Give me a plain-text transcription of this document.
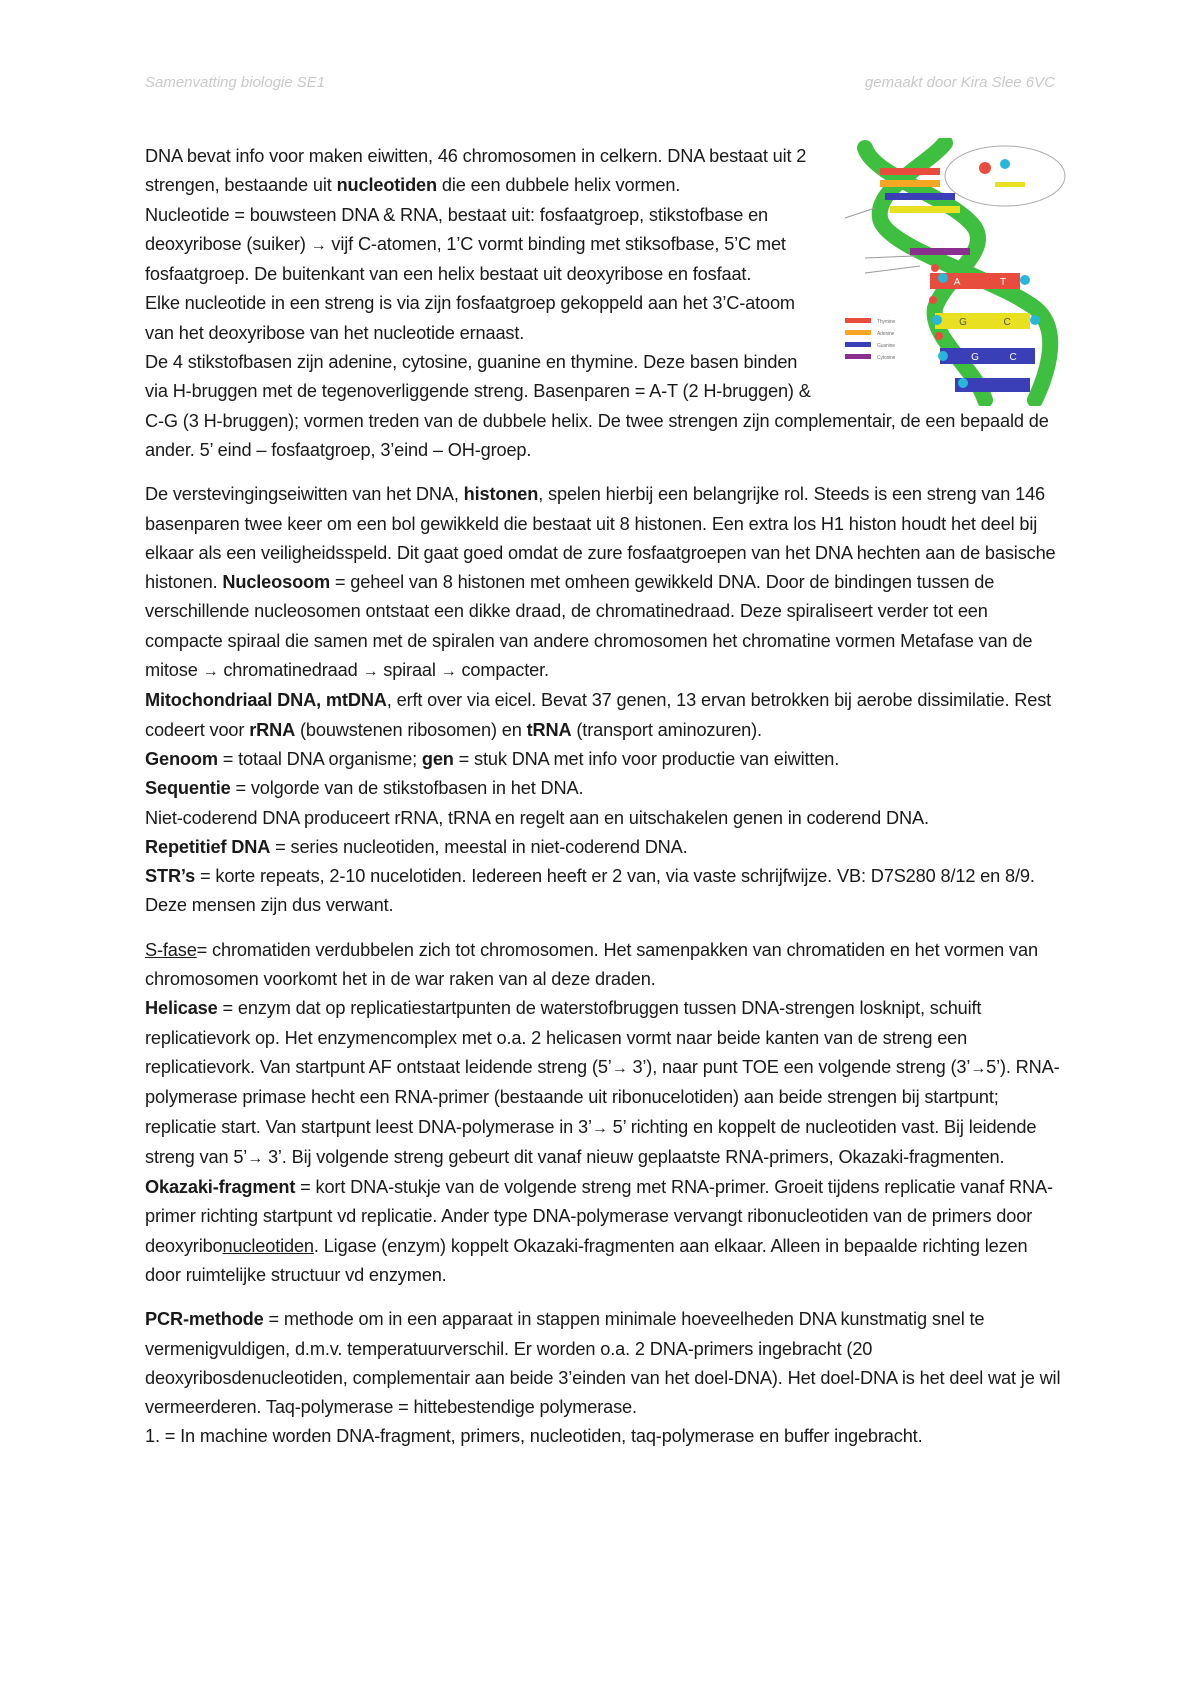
Samenvatting biologie SE1	gemaakt door Kira Slee 6VC
A	T
G	C
G	C
Thymine
Adenine
Guanine
Cytosine

DNA bevat info voor maken eiwitten, 46 chromosomen in celkern. DNA bestaat uit 2 strengen, bestaande uit nucleotiden die een dubbele helix vormen.
Nucleotide = bouwsteen DNA & RNA, bestaat uit: fosfaatgroep, stikstofbase en deoxyribose (suiker) → vijf C-atomen, 1’C vormt binding met stiksofbase, 5’C met fosfaatgroep. De buitenkant van een helix bestaat uit deoxyribose en fosfaat.
Elke nucleotide in een streng is via zijn fosfaatgroep gekoppeld aan het 3’C-atoom van het deoxyribose van het nucleotide ernaast.
De 4 stikstofbasen zijn adenine, cytosine, guanine en thymine. Deze basen binden via H-bruggen met de tegenoverliggende streng. Basenparen = A-T (2 H-bruggen) & C-G (3 H-bruggen); vormen treden van de dubbele helix. De twee strengen zijn complementair, de een bepaald de ander. 5’ eind – fosfaatgroep, 3’eind – OH-groep.

De verstevingingseiwitten van het DNA, histonen, spelen hierbij een belangrijke rol. Steeds is een streng van 146 basenparen twee keer om een bol gewikkeld die bestaat uit 8 histonen. Een extra los H1 histon houdt het deel bij elkaar als een veiligheidsspeld. Dit gaat goed omdat de zure fosfaatgroepen van het DNA hechten aan de basische histonen. Nucleosoom = geheel van 8 histonen met omheen gewikkeld DNA. Door de bindingen tussen de verschillende nucleosomen ontstaat een dikke draad, de chromatinedraad. Deze spiraliseert verder tot een compacte spiraal die samen met de spiralen van andere chromosomen het chromatine vormen Metafase van de mitose → chromatinedraad → spiraal → compacter.
Mitochondriaal DNA, mtDNA, erft over via eicel. Bevat 37 genen, 13 ervan betrokken bij aerobe dissimilatie. Rest codeert voor rRNA (bouwstenen ribosomen) en tRNA (transport aminozuren).
Genoom = totaal DNA organisme; gen = stuk DNA met info voor productie van eiwitten.
Sequentie = volgorde van de stikstofbasen in het DNA.
Niet-coderend DNA produceert rRNA, tRNA en regelt aan en uitschakelen genen in coderend DNA.
Repetitief DNA = series nucleotiden, meestal in niet-coderend DNA.
STR’s = korte repeats, 2-10 nucelotiden. Iedereen heeft er 2 van, via vaste schrijfwijze. VB: D7S280 8/12 en 8/9. Deze mensen zijn dus verwant.

S-fase= chromatiden verdubbelen zich tot chromosomen. Het samenpakken van chromatiden en het vormen van chromosomen voorkomt het in de war raken van al deze draden.
Helicase = enzym dat op replicatiestartpunten de waterstofbruggen tussen DNA-strengen losknipt, schuift replicatievork op. Het enzymencomplex met o.a. 2 helicasen vormt naar beide kanten van de streng een replicatievork. Van startpunt AF ontstaat leidende streng (5’→ 3’), naar punt TOE een volgende streng (3’→5’). RNA-polymerase primase hecht een RNA-primer (bestaande uit ribonucelotiden) aan beide strengen bij startpunt; replicatie start. Van startpunt leest DNA-polymerase in 3’→ 5’ richting en koppelt de nucleotiden vast. Bij leidende streng van 5’→ 3’. Bij volgende streng gebeurt dit vanaf nieuw geplaatste RNA-primers, Okazaki-fragmenten.
Okazaki-fragment = kort DNA-stukje van de volgende streng met RNA-primer. Groeit tijdens replicatie vanaf RNA-primer richting startpunt vd replicatie. Ander type DNA-polymerase vervangt ribonucleotiden van de primers door deoxyribonucleotiden. Ligase (enzym) koppelt Okazaki-fragmenten aan elkaar. Alleen in bepaalde richting lezen door ruimtelijke structuur vd enzymen.

PCR-methode = methode om in een apparaat in stappen minimale hoeveelheden DNA kunstmatig snel te vermenigvuldigen, d.m.v. temperatuurverschil. Er worden o.a. 2 DNA-primers ingebracht (20 deoxyribosdenucleotiden, complementair aan beide 3’einden van het doel-DNA). Het doel-DNA is het deel wat je wil vermeerderen. Taq-polymerase = hittebestendige polymerase.
1. = In machine worden DNA-fragment, primers, nucleotiden, taq-polymerase en buffer ingebracht.
